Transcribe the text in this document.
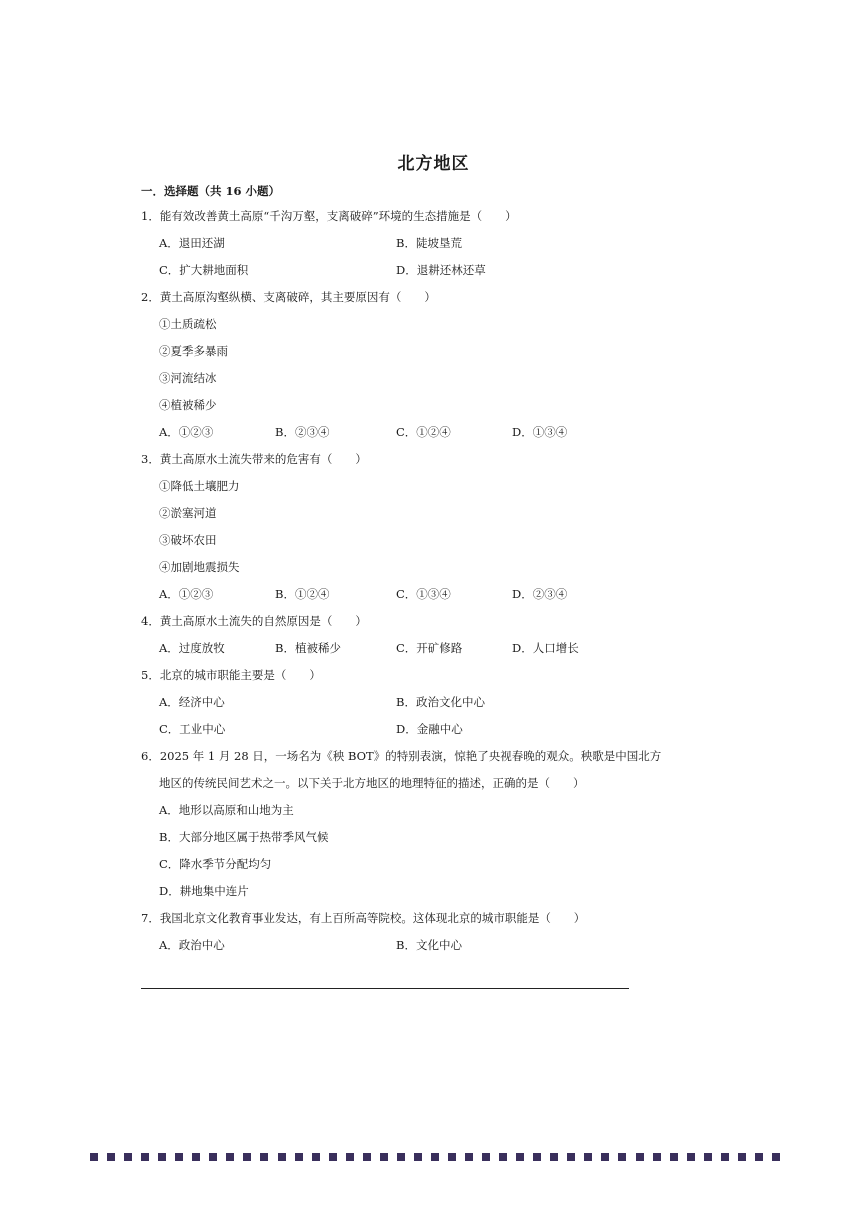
北方地区
一．选择题（共 16 小题）
1．能有效改善黄土高原“千沟万壑，支离破碎”环境的生态措施是（　　）
A．退田还湖	B．陡坡垦荒
C．扩大耕地面积	D．退耕还林还草
2．黄土高原沟壑纵横、支离破碎，其主要原因有（　　）
①土质疏松
②夏季多暴雨
③河流结冰
④植被稀少
A．①②③	B．②③④	C．①②④	D．①③④
3．黄土高原水土流失带来的危害有（　　）
①降低土壤肥力
②淤塞河道
③破坏农田
④加剧地震损失
A．①②③	B．①②④	C．①③④	D．②③④
4．黄土高原水土流失的自然原因是（　　）
A．过度放牧	B．植被稀少	C．开矿修路	D．人口增长
5．北京的城市职能主要是（　　）
A．经济中心	B．政治文化中心
C．工业中心	D．金融中心
6．2025 年 1 月 28 日，一场名为《秧 BOT》的特别表演，惊艳了央视春晚的观众。秧歌是中国北方
地区的传统民间艺术之一。以下关于北方地区的地理特征的描述，正确的是（　　）
A．地形以高原和山地为主
B．大部分地区属于热带季风气候
C．降水季节分配均匀
D．耕地集中连片
7．我国北京文化教育事业发达，有上百所高等院校。这体现北京的城市职能是（　　）
A．政治中心	B．文化中心
